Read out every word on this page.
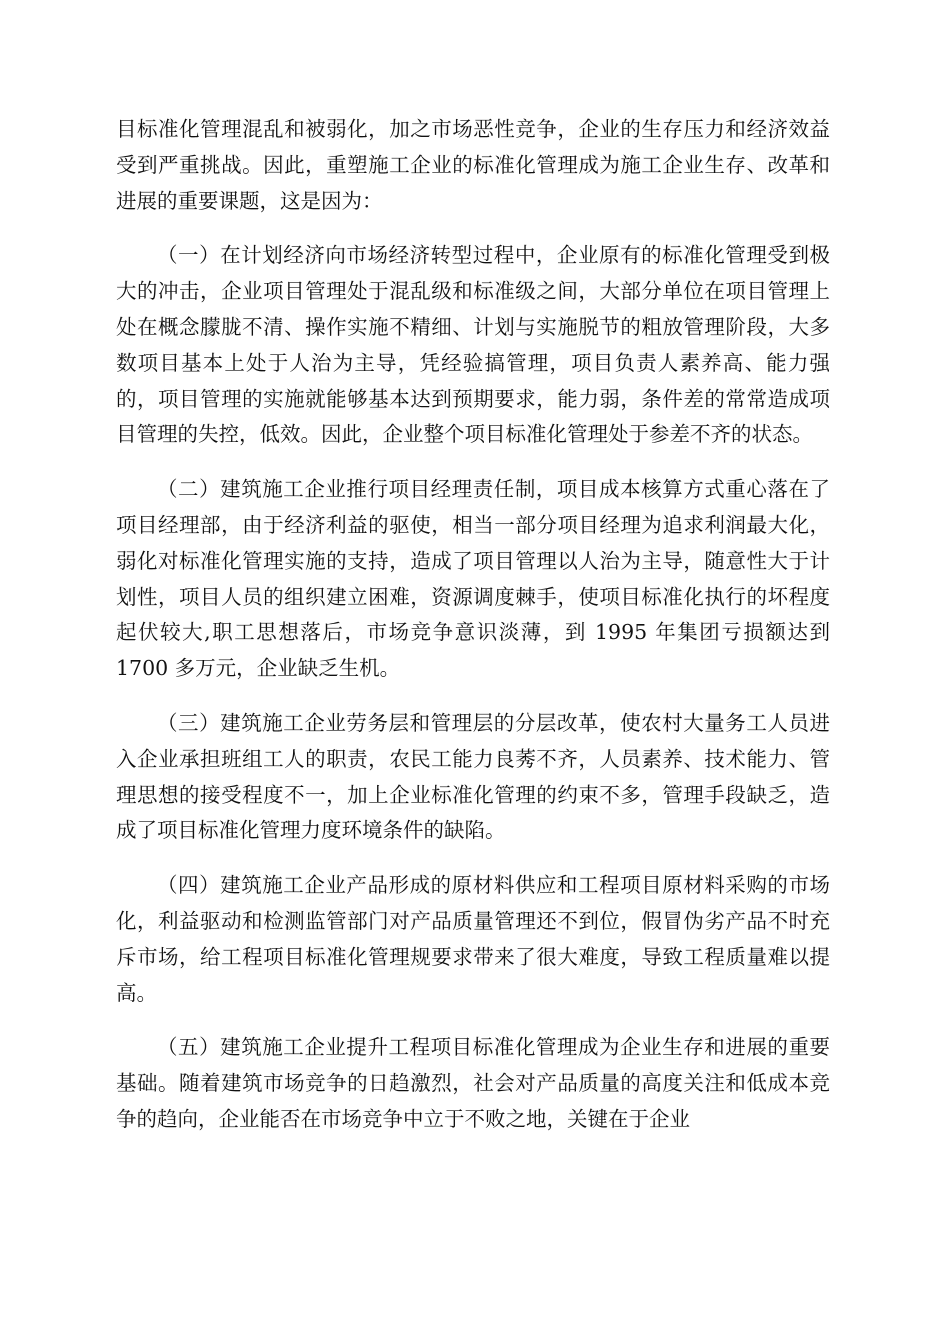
目标准化管理混乱和被弱化，加之市场恶性竞争，企业的生存压力和经济效益受到严重挑战。因此，重塑施工企业的标准化管理成为施工企业生存、改革和进展的重要课题，这是因为：

（一）在计划经济向市场经济转型过程中，企业原有的标准化管理受到极大的冲击，企业项目管理处于混乱级和标准级之间，大部分单位在项目管理上处在概念朦胧不清、操作实施不精细、计划与实施脱节的粗放管理阶段，大多数项目基本上处于人治为主导，凭经验搞管理，项目负责人素养高、能力强的，项目管理的实施就能够基本达到预期要求，能力弱，条件差的常常造成项目管理的失控，低效。因此，企业整个项目标准化管理处于参差不齐的状态。

（二）建筑施工企业推行项目经理责任制，项目成本核算方式重心落在了项目经理部，由于经济利益的驱使，相当一部分项目经理为追求利润最大化，弱化对标准化管理实施的支持，造成了项目管理以人治为主导，随意性大于计划性，项目人员的组织建立困难，资源调度棘手，使项目标准化执行的坏程度起伏较大,职工思想落后，市场竞争意识淡薄，到 1995 年集团亏损额达到 1700 多万元，企业缺乏生机。

（三）建筑施工企业劳务层和管理层的分层改革，使农村大量务工人员进入企业承担班组工人的职责，农民工能力良莠不齐，人员素养、技术能力、管理思想的接受程度不一，加上企业标准化管理的约束不多，管理手段缺乏，造成了项目标准化管理力度环境条件的缺陷。

（四）建筑施工企业产品形成的原材料供应和工程项目原材料采购的市场化，利益驱动和检测监管部门对产品质量管理还不到位，假冒伪劣产品不时充斥市场，给工程项目标准化管理规要求带来了很大难度，导致工程质量难以提高。

（五）建筑施工企业提升工程项目标准化管理成为企业生存和进展的重要基础。随着建筑市场竞争的日趋激烈，社会对产品质量的高度关注和低成本竞争的趋向，企业能否在市场竞争中立于不败之地，关键在于企业
